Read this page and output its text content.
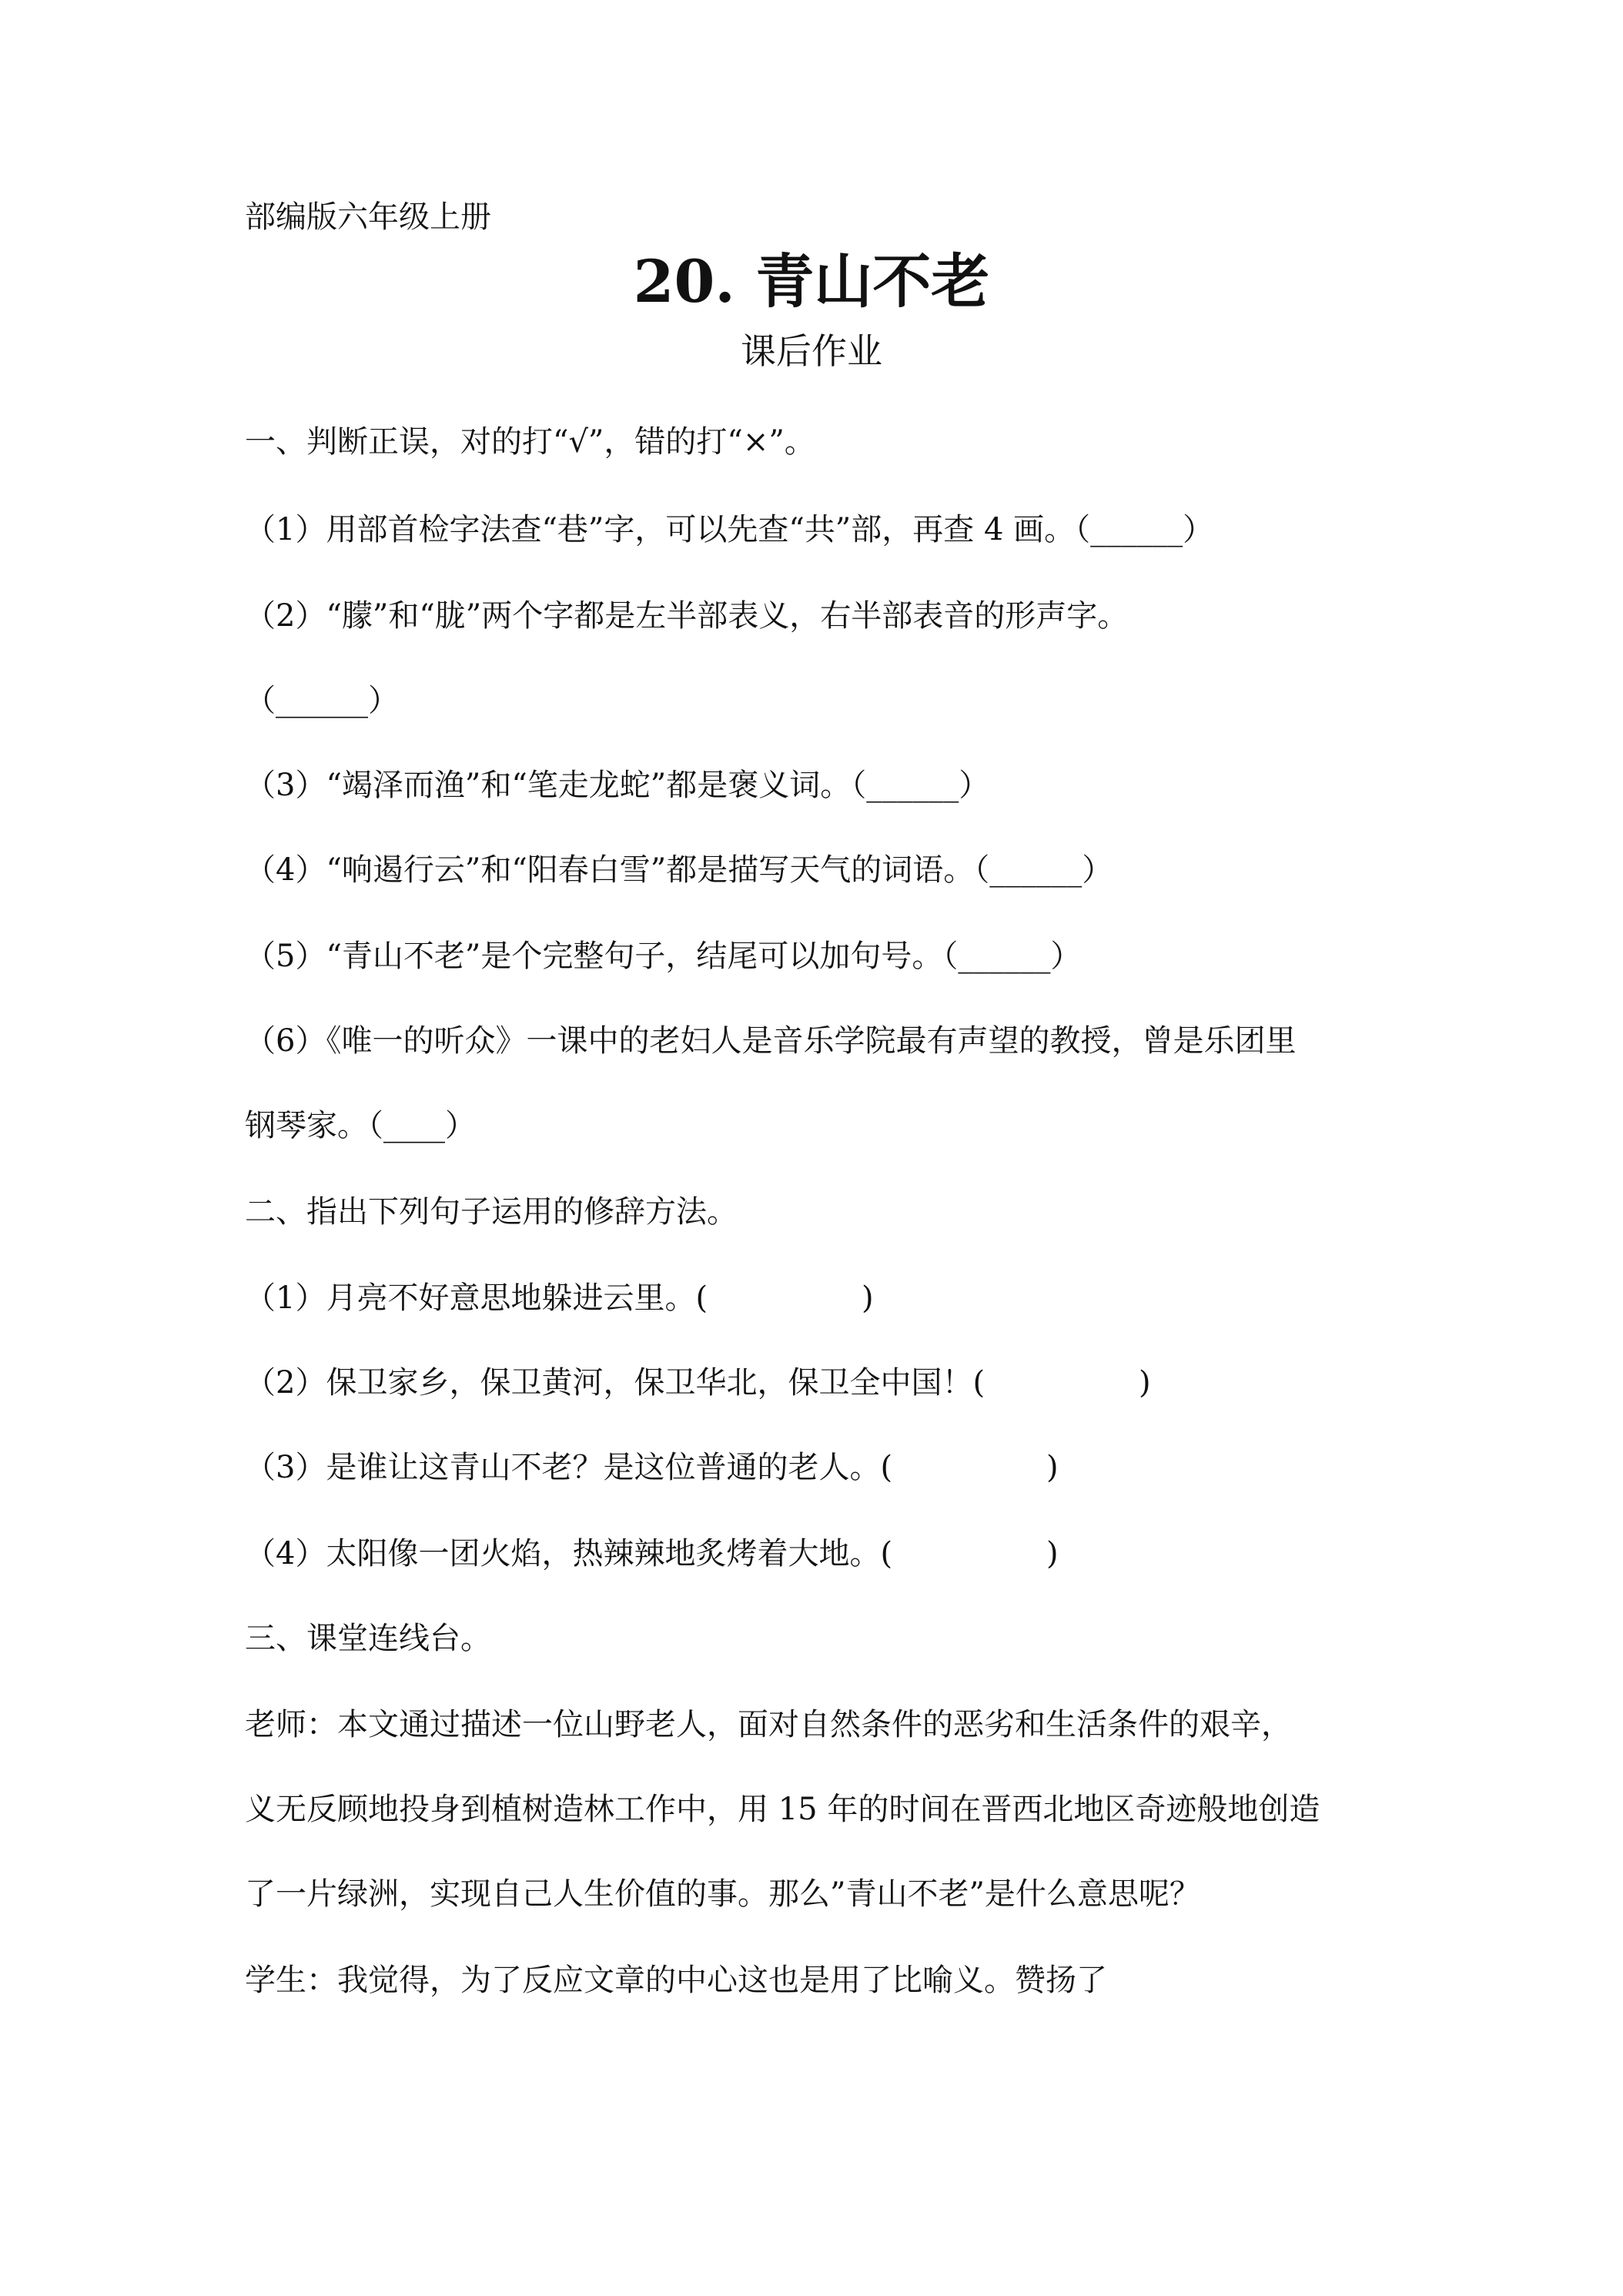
部编版六年级上册
20. 青山不老
课后作业
一、判断正误，对的打“√”，错的打“×”。
（1）用部首检字法查“巷”字，可以先查“共”部，再查 4 画。（______）
（2）“朦”和“胧”两个字都是左半部表义，右半部表音的形声字。
（______）
（3）“竭泽而渔”和“笔走龙蛇”都是褒义词。（______）
（4）“响遏行云”和“阳春白雪”都是描写天气的词语。（______）
（5）“青山不老”是个完整句子，结尾可以加句号。（______）
（6）《唯一的听众》一课中的老妇人是音乐学院最有声望的教授，曾是乐团里
钢琴家。（____）
二、指出下列句子运用的修辞方法。
（1）月亮不好意思地躲进云里。(　　　　　)
（2）保卫家乡，保卫黄河，保卫华北，保卫全中国！(　　　　　)
（3）是谁让这青山不老？是这位普通的老人。(　　　　　)
（4）太阳像一团火焰，热辣辣地炙烤着大地。(　　　　　)
三、课堂连线台。
老师：本文通过描述一位山野老人，面对自然条件的恶劣和生活条件的艰辛，
义无反顾地投身到植树造林工作中，用 15 年的时间在晋西北地区奇迹般地创造
了一片绿洲，实现自己人生价值的事。那么”青山不老”是什么意思呢？
学生：我觉得，为了反应文章的中心这也是用了比喻义。赞扬了
